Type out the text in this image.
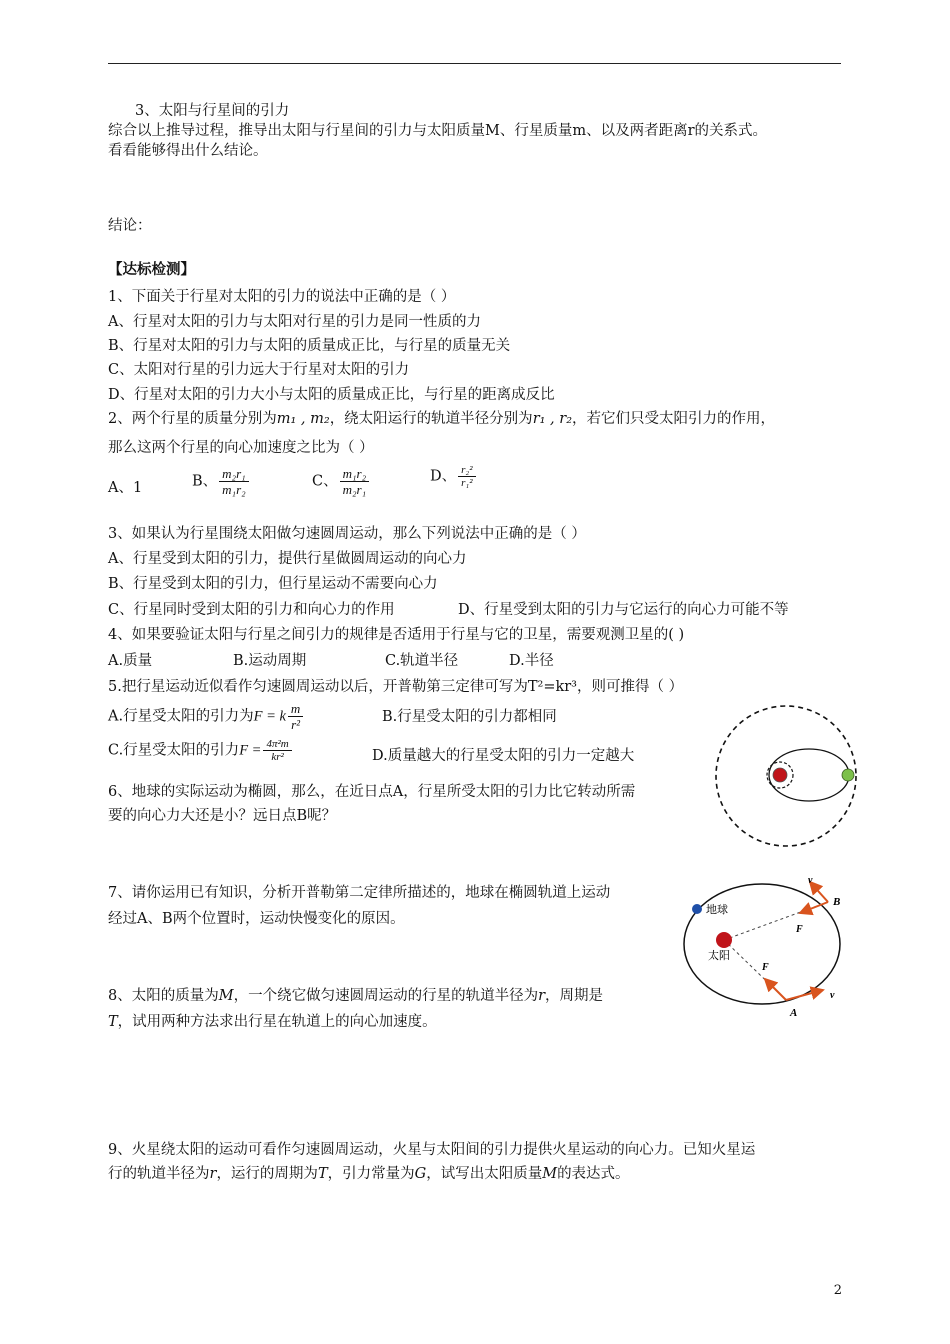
3、太阳与行星间的引力
综合以上推导过程，推导出太阳与行星间的引力与太阳质量M、行星质量m、以及两者距离r的关系式。
看看能够得出什么结论。
结论：
【达标检测】
1、下面关于行星对太阳的引力的说法中正确的是（ ）
A、行星对太阳的引力与太阳对行星的引力是同一性质的力
B、行星对太阳的引力与太阳的质量成正比，与行星的质量无关
C、太阳对行星的引力远大于行星对太阳的引力
D、行星对太阳的引力大小与太阳的质量成正比，与行星的距离成反比
2、两个行星的质量分别为m₁ , m₂，绕太阳运行的轨道半径分别为r₁ , r₂，若它们只受太阳引力的作用，
那么这两个行星的向心加速度之比为（ ）
A、1	B、 $\frac{\text{m₂r₁}}{\text{m₁r₂}}$	C、 $\frac{\text{m₁r₂}}{\text{m₂r₁}}$	D、 $\frac{\text{r₂²}}{\text{r₁²}}$
3、如果认为行星围绕太阳做匀速圆周运动，那么下列说法中正确的是（ ）
A、行星受到太阳的引力，提供行星做圆周运动的向心力
B、行星受到太阳的引力，但行星运动不需要向心力
C、行星同时受到太阳的引力和向心力的作用	D、行星受到太阳的引力与它运行的向心力可能不等
4、如果要验证太阳与行星之间引力的规律是否适用于行星与它的卫星，需要观测卫星的( )
A.质量	B.运动周期	C.轨道半径	D.半径
5.把行星运动近似看作匀速圆周运动以后，开普勒第三定律可写为T²=kr³，则可推得（ ）
A.行星受太阳的引力为F = k $\frac{m}{\text{r²}}$	B.行星受太阳的引力都相同
C.行星受太阳的引力$F = \frac{\text{4π²m}}{\text{kr²}}$	D.质量越大的行星受太阳的引力一定越大
6、地球的实际运动为椭圆，那么，在近日点A，行星所受太阳的引力比它转动所需
要的向心力大还是小？远日点B呢？
7、请你运用已有知识，分析开普勒第二定律所描述的，地球在椭圆轨道上运动
经过A、B两个位置时，运动快慢变化的原因。
8、太阳的质量为M，一个绕它做匀速圆周运动的行星的轨道半径为r，周期是
T，试用两种方法求出行星在轨道上的向心加速度。
9、火星绕太阳的运动可看作匀速圆周运动，火星与太阳间的引力提供火星运动的向心力。已知火星运
行的轨道半径为r，运行的周期为T，引力常量为G，试写出太阳质量M的表达式。
地球
太阳
v
B
F
F
v
A
2
